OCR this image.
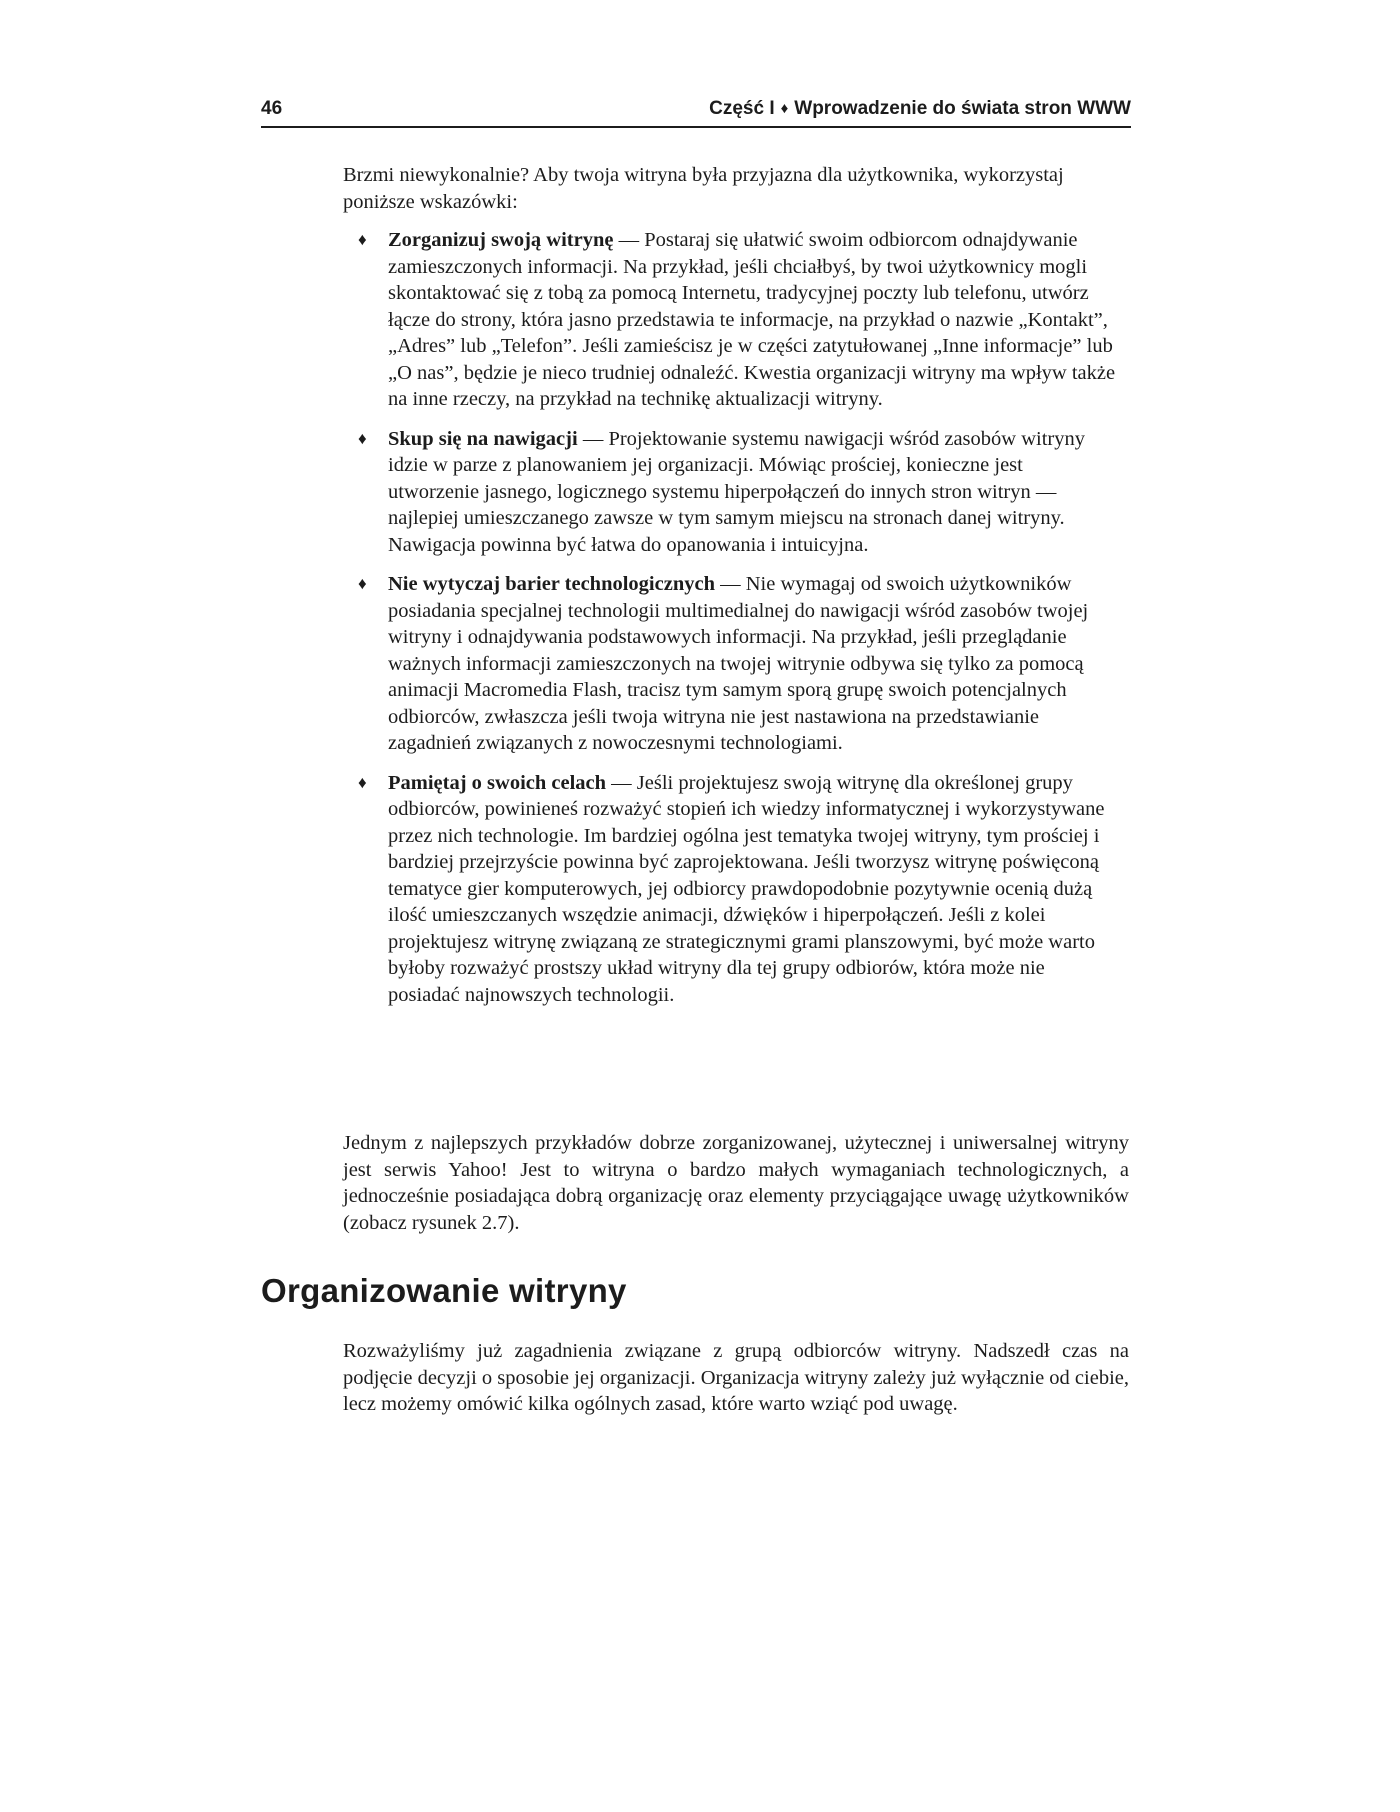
46	Część I ♦ Wprowadzenie do świata stron WWW

Brzmi niewykonalnie? Aby twoja witryna była przyjazna dla użytkownika, wykorzystaj poniższe wskazówki:

♦ Zorganizuj swoją witrynę — Postaraj się ułatwić swoim odbiorcom odnajdywanie zamieszczonych informacji. Na przykład, jeśli chciałbyś, by twoi użytkownicy mogli skontaktować się z tobą za pomocą Internetu, tradycyjnej poczty lub telefonu, utwórz łącze do strony, która jasno przedstawia te informacje, na przykład o nazwie „Kontakt”, „Adres” lub „Telefon”. Jeśli zamieścisz je w części zatytułowanej „Inne informacje” lub „O nas”, będzie je nieco trudniej odnaleźć. Kwestia organizacji witryny ma wpływ także na inne rzeczy, na przykład na technikę aktualizacji witryny.
♦ Skup się na nawigacji — Projektowanie systemu nawigacji wśród zasobów witryny idzie w parze z planowaniem jej organizacji. Mówiąc prościej, konieczne jest utworzenie jasnego, logicznego systemu hiperpołączeń do innych stron witryn — najlepiej umieszczanego zawsze w tym samym miejscu na stronach danej witryny. Nawigacja powinna być łatwa do opanowania i intuicyjna.
♦ Nie wytyczaj barier technologicznych — Nie wymagaj od swoich użytkowników posiadania specjalnej technologii multimedialnej do nawigacji wśród zasobów twojej witryny i odnajdywania podstawowych informacji. Na przykład, jeśli przeglądanie ważnych informacji zamieszczonych na twojej witrynie odbywa się tylko za pomocą animacji Macromedia Flash, tracisz tym samym sporą grupę swoich potencjalnych odbiorców, zwłaszcza jeśli twoja witryna nie jest nastawiona na przedstawianie zagadnień związanych z nowoczesnymi technologiami.
♦ Pamiętaj o swoich celach — Jeśli projektujesz swoją witrynę dla określonej grupy odbiorców, powinieneś rozważyć stopień ich wiedzy informatycznej i wykorzystywane przez nich technologie. Im bardziej ogólna jest tematyka twojej witryny, tym prościej i bardziej przejrzyście powinna być zaprojektowana. Jeśli tworzysz witrynę poświęconą tematyce gier komputerowych, jej odbiorcy prawdopodobnie pozytywnie ocenią dużą ilość umieszczanych wszędzie animacji, dźwięków i hiperpołączeń. Jeśli z kolei projektujesz witrynę związaną ze strategicznymi grami planszowymi, być może warto byłoby rozważyć prostszy układ witryny dla tej grupy odbiorów, która może nie posiadać najnowszych technologii.

Jednym z najlepszych przykładów dobrze zorganizowanej, użytecznej i uniwersalnej witryny jest serwis Yahoo! Jest to witryna o bardzo małych wymaganiach technologicznych, a jednocześnie posiadająca dobrą organizację oraz elementy przyciągające uwagę użytkowników (zobacz rysunek 2.7).

Organizowanie witryny

Rozważyliśmy już zagadnienia związane z grupą odbiorców witryny. Nadszedł czas na podjęcie decyzji o sposobie jej organizacji. Organizacja witryny zależy już wyłącznie od ciebie, lecz możemy omówić kilka ogólnych zasad, które warto wziąć pod uwagę.
